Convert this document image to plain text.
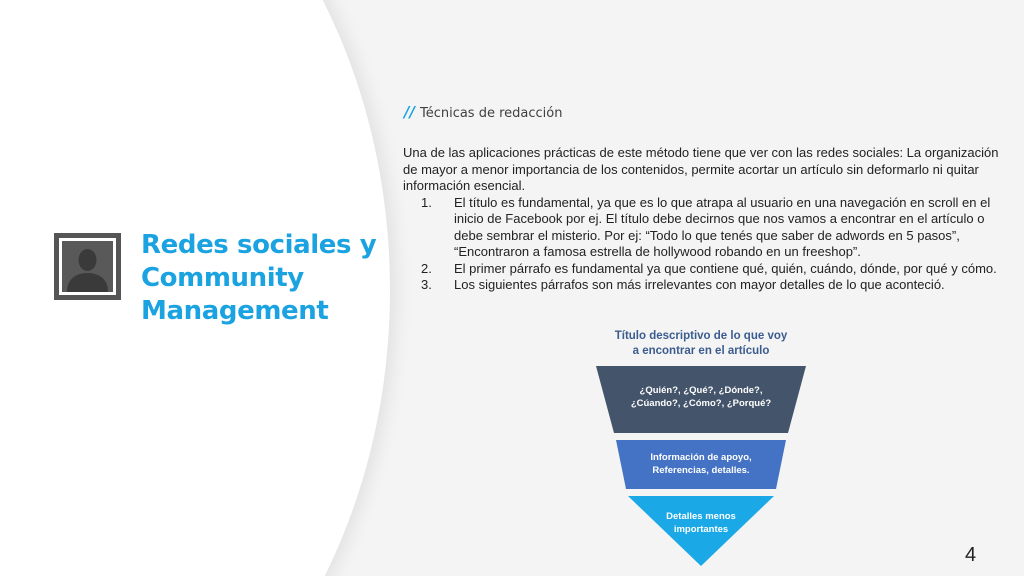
Redes sociales y
Community
Management
// Técnicas de redacción

Una de las aplicaciones prácticas de este método tiene que ver con las redes sociales: La organización de mayor a menor importancia de los contenidos, permite acortar un artículo sin deformarlo ni quitar información esencial.

1. El título es fundamental, ya que es lo que atrapa al usuario en una navegación en scroll en el inicio de Facebook por ej. El título debe decirnos que nos vamos a encontrar en el artículo o debe sembrar el misterio. Por ej: “Todo lo que tenés que saber de adwords en 5 pasos”, “Encontraron a famosa estrella de hollywood robando en un freeshop”.
2. El primer párrafo es fundamental ya que contiene qué, quién, cuándo, dónde, por qué y cómo.
3. Los siguientes párrafos son más irrelevantes con mayor detalles de lo que aconteció.
Título descriptivo de lo que voy
a encontrar en el artículo
¿Quién?, ¿Qué?, ¿Dónde?,
¿Cúando?, ¿Cómo?, ¿Porqué?
Información de apoyo,
Referencias, detalles.
Detalles menos
importantes
4
